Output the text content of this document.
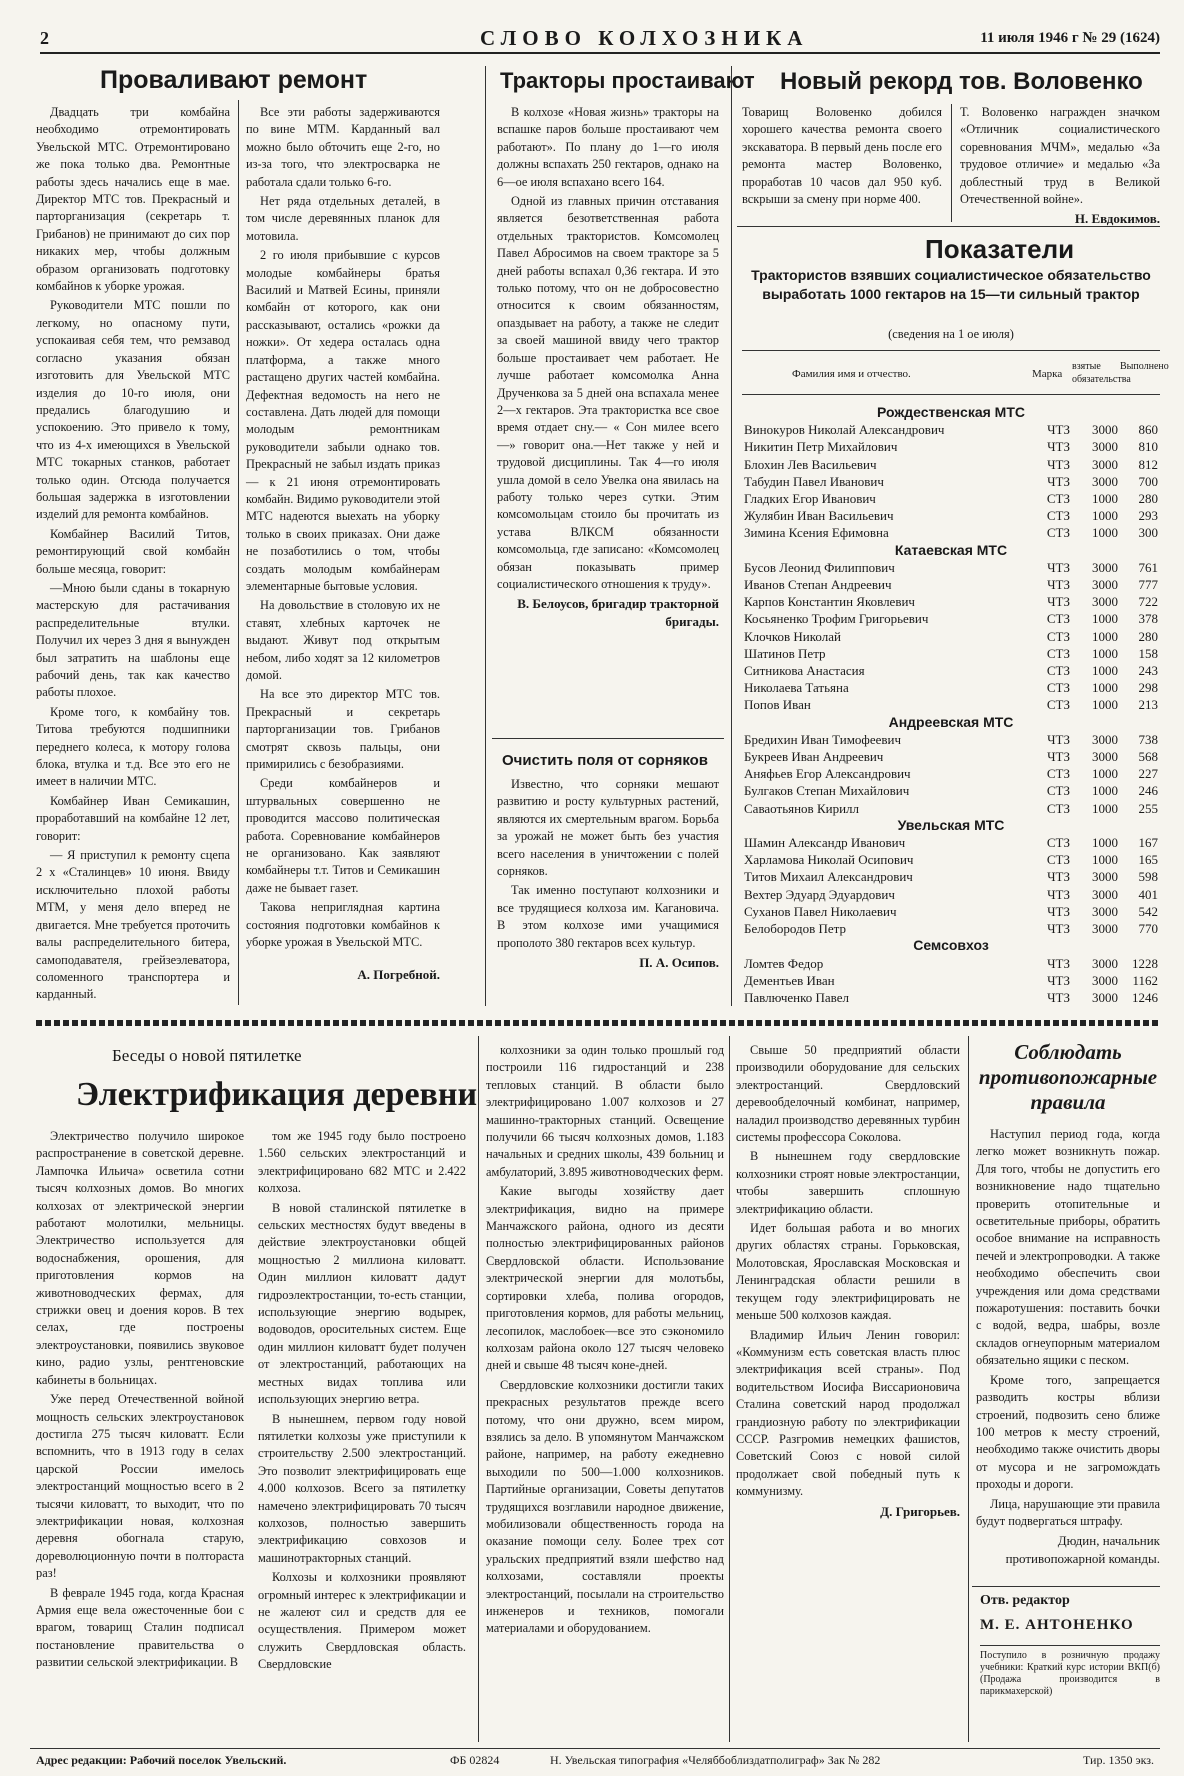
2	СЛОВО КОЛХОЗНИКА	11 июля 1946 г № 29 (1624)
Проваливают ремонт

Двадцать три комбайна необходимо отремонтировать Увельской МТС. Отремонтировано же пока только два. Ремонтные работы здесь начались еще в мае. Директор МТС тов. Прекрасный и парторганизация (секретарь т. Грибанов) не принимают до сих пор никаких мер, чтобы должным образом организовать подготовку комбайнов к уборке урожая.

Руководители МТС пошли по легкому, но опасному пути, успокаивая себя тем, что ремзавод согласно указания обязан изготовить для Увельской МТС изделия до 10-го июля, они предались благодушию и успокоению. Это привело к тому, что из 4-х имеющихся в Увельской МТС токарных станков, работает только один. Отсюда получается большая задержка в изготовлении изделий для ремонта комбайнов.

Комбайнер Василий Титов, ремонтирующий свой комбайн больше месяца, говорит:

—Мною были сданы в токарную мастерскую для растачивания распределительные втулки. Получил их через 3 дня я вынужден был затратить на шаблоны еще рабочий день, так как качество работы плохое.

Кроме того, к комбайну тов. Титова требуются подшипники переднего колеса, к мотору голова блока, втулка и т.д. Все это его не имеет в наличии МТС.

Комбайнер Иван Семикашин, проработавший на комбайне 12 лет, говорит:

— Я приступил к ремонту сцепа 2 х «Сталинцев» 10 июня. Ввиду исключительно плохой работы МТМ, у меня дело вперед не двигается. Мне требуется проточить валы распределительного битера, самоподавателя, грейзеэлеватора, соломенного транспортера и карданный.

Все эти работы задерживаются по вине МТМ. Карданный вал можно было обточить еще 2-го, но из-за того, что электросварка не работала сдали только 6-го.

Нет ряда отдельных деталей, в том числе деревянных планок для мотовила.

2 го июля прибывшие с курсов молодые комбайнеры братья Василий и Матвей Есины, приняли комбайн от которого, как они рассказывают, остались «рожки да ножки». От хедера осталась одна платформа, а также много растащено других частей комбайна. Дефектная ведомость на него не составлена. Дать людей для помощи молодым ремонтникам руководители забыли однако тов. Прекрасный не забыл издать приказ — к 21 июня отремонтировать комбайн. Видимо руководители этой МТС надеются выехать на уборку только в своих приказах. Они даже не позаботились о том, чтобы создать молодым комбайнерам элементарные бытовые условия.

На довольствие в столовую их не ставят, хлебных карточек не выдают. Живут под открытым небом, либо ходят за 12 километров домой.

На все это директор МТС тов. Прекрасный и секретарь парторганизации тов. Грибанов смотрят сквозь пальцы, они примирились с безобразиями.

Среди комбайнеров и штурвальных совершенно не проводится массово политическая работа. Соревнование комбайнеров не организовано. Как заявляют комбайнеры т.т. Титов и Семикашин даже не бывает газет.

Такова неприглядная картина состояния подготовки комбайнов к уборке урожая в Увельской МТС.

А. Погребной.

Тракторы простаивают

В колхозе «Новая жизнь» тракторы на вспашке паров больше простаивают чем работают». По плану до 1—го июля должны вспахать 250 гектаров, однако на 6—ое июля вспахано всего 164.

Одной из главных причин отставания является безответственная работа отдельных трактористов. Комсомолец Павел Абросимов на своем тракторе за 5 дней работы вспахал 0,36 гектара. И это только потому, что он не добросовестно относится к своим обязанностям, опаздывает на работу, а также не следит за своей машиной ввиду чего трактор больше простаивает чем работает. Не лучше работает комсомолка Анна Друченкова за 5 дней она вспахала менее 2—х гектаров. Эта трактористка все свое время отдает сну.— « Сон милее всего —» говорит она.—Нет также у ней и трудовой дисциплины. Так 4—го июля ушла домой в село Увелка она явилась на работу только через сутки. Этим комсомольцам стоило бы прочитать из устава ВЛКСМ обязанности комсомольца, где записано: «Комсомолец обязан показывать пример социалистического отношения к труду».

В. Белоусов, бригадир тракторной бригады.

Очистить поля от сорняков

Известно, что сорняки мешают развитию и росту культурных растений, являются их смертельным врагом. Борьба за урожай не может быть без участия всего населения в уничтожении с полей сорняков.

Так именно поступают колхозники и все трудящиеся колхоза им. Кагановича. В этом колхозе ими учащимися прополото 380 гектаров всех культур.

П. А. Осипов.

Новый рекорд тов. Воловенко

Товарищ Воловенко добился хорошего качества ремонта своего экскаватора. В первый день после его ремонта мастер Воловенко, проработав 10 часов дал 950 куб. вскрыши за смену при норме 400.

Т. Воловенко награжден значком «Отличник социалистического соревнования МЧМ», медалью «За трудовое отличие» и медалью «За доблестный труд в Великой Отечественной войне».

Н. Евдокимов.

Показатели
Трактористов взявших социалистическое обязательство выработать 1000 гектаров на 15—ти сильный трактор
(сведения на 1 ое июля)
Фамилия имя и отчество.	Марка
взятые обязательства
Выполнено
Рождественская МТС			
Винокуров Николай Александрович	ЧТЗ	3000	860
Никитин Петр Михайлович	ЧТЗ	3000	810
Блохин Лев Васильевич	ЧТЗ	3000	812
Табудин Павел Иванович	ЧТЗ	3000	700
Гладких Егор Иванович	СТЗ	1000	280
Жулябин Иван Васильевич	СТЗ	1000	293
Зимина Ксения Ефимовна	СТЗ	1000	300
Катаевская МТС			
Бусов Леонид Филиппович	ЧТЗ	3000	761
Иванов Степан Андреевич	ЧТЗ	3000	777
Карпов Константин Яковлевич	ЧТЗ	3000	722
Косьяненко Трофим Григорьевич	СТЗ	1000	378
Клочков Николай	СТЗ	1000	280
Шатинов Петр	СТЗ	1000	158
Ситникова Анастасия	СТЗ	1000	243
Николаева Татьяна	СТЗ	1000	298
Попов Иван	СТЗ	1000	213
Андреевская МТС			
Бредихин Иван Тимофеевич	ЧТЗ	3000	738
Букреев Иван Андреевич	ЧТЗ	3000	568
Аняфьев Егор Александрович	СТЗ	1000	227
Булгаков Степан Михайлович	СТЗ	1000	246
Саваотьянов Кирилл	СТЗ	1000	255
Увельская МТС			
Шамин Александр Иванович	СТЗ	1000	167
Харламова Николай Осипович	СТЗ	1000	165
Титов Михаил Александрович	ЧТЗ	3000	598
Вехтер Эдуард Эдуардович	ЧТЗ	3000	401
Суханов Павел Николаевич	ЧТЗ	3000	542
Белобородов Петр	ЧТЗ	3000	770
Семсовхоз			
Ломтев Федор	ЧТЗ	3000	1228
Дементьев Иван	ЧТЗ	3000	1162
Павлюченко Павел	ЧТЗ	3000	1246
Беседы о новой пятилетке
Электрификация деревни

Электричество получило широкое распространение в советской деревне. Лампочка Ильича» осветила сотни тысяч колхозных домов. Во многих колхозах от электрической энергии работают молотилки, мельницы. Электричество используется для водоснабжения, орошения, для приготовления кормов на животноводческих фермах, для стрижки овец и доения коров. В тех селах, где построены электроустановки, появились звуковое кино, радио узлы, рентгеновские кабинеты в больницах.

Уже перед Отечественной войной мощность сельских электроустановок достигла 275 тысяч киловатт. Если вспомнить, что в 1913 году в селах царской России имелось электростанций мощностью всего в 2 тысячи киловатт, то выходит, что по электрификации новая, колхозная деревня обогнала старую, дореволюционную почти в полтораста раз!

В феврале 1945 года, когда Красная Армия еще вела ожесточенные бои с врагом, товарищ Сталин подписал постановление правительства о развитии сельской электрификации. В

том же 1945 году было построено 1.560 сельских электростанций и электрифицировано 682 МТС и 2.422 колхоза.

В новой сталинской пятилетке в сельских местностях будут введены в действие электроустановки общей мощностью 2 миллиона киловатт. Один миллион киловатт дадут гидроэлектростанции, то-есть станции, использующие энергию водырек, водоводов, оросительных систем. Еще один миллион киловатт будет получен от электростанций, работающих на местных видах топлива или использующих энергию ветра.

В нынешнем, первом году новой пятилетки колхозы уже приступили к строительству 2.500 электростанций. Это позволит электрифицировать еще 4.000 колхозов. Всего за пятилетку намечено электрифицировать 70 тысяч колхозов, полностью завершить электрификацию совхозов и машинотракторных станций.

Колхозы и колхозники проявляют огромный интерес к электрификации и не жалеют сил и средств для ее осуществления. Примером может служить Свердловская область. Свердловские

колхозники за один только прошлый год построили 116 гидростанций и 238 тепловых станций. В области было электрифицировано 1.007 колхозов и 27 машинно-тракторных станций. Освещение получили 66 тысяч колхозных домов, 1.183 начальных и средних школы, 439 больниц и амбулаторий, 3.895 животноводческих ферм.

Какие выгоды хозяйству дает электрификация, видно на примере Манчажского района, одного из десяти полностью электрифицированных районов Свердловской области. Использование электрической энергии для молотьбы, сортировки хлеба, полива огородов, приготовления кормов, для работы мельниц, лесопилок, маслобоек—все это сэкономило колхозам района около 127 тысяч человеко дней и свыше 48 тысяч коне-дней.

Свердловские колхозники достигли таких прекрасных результатов прежде всего потому, что они дружно, всем миром, взялись за дело. В упомянутом Манчажском районе, например, на работу ежедневно выходили по 500—1.000 колхозников. Партийные организации, Советы депутатов трудящихся возглавили народное движение, мобилизовали общественность города на оказание помощи селу. Более трех сот уральских предприятий взяли шефство над колхозами, составляли проекты электростанций, посылали на строительство инженеров и техников, помогали материалами и оборудованием.

Свыше 50 предприятий области производили оборудование для сельских электростанций. Свердловский деревообделочный комбинат, например, наладил производство деревянных турбин системы профессора Соколова.

В нынешнем году свердловские колхозники строят новые электростанции, чтобы завершить сплошную электрификацию области.

Идет большая работа и во многих других областях страны. Горьковская, Молотовская, Ярославская Московская и Ленинградская области решили в текущем году электрифицировать не меньше 500 колхозов каждая.

Владимир Ильич Ленин говорил: «Коммунизм есть советская власть плюс электрификация всей страны». Под водительством Иосифа Виссарионовича Сталина советский народ продолжал грандиозную работу по электрификации СССР. Разгромив немецких фашистов, Советский Союз с новой силой продолжает свой победный путь к коммунизму.

Д. Григорьев.

Соблюдать противопожарные правила

Наступил период года, когда легко может возникнуть пожар. Для того, чтобы не допустить его возникновение надо тщательно проверить отопительные и осветительные приборы, обратить особое внимание на исправность печей и электропроводки. А также необходимо обеспечить свои учреждения или дома средствами пожаротушения: поставить бочки с водой, ведра, шабры, возле складов огнеупорным материалом обязательно ящики с песком.

Кроме того, запрещается разводить костры вблизи строений, подвозить сено ближе 100 метров к месту строений, необходимо также очистить дворы от мусора и не загромождать проходы и дороги.

Лица, нарушающие эти правила будут подвергаться штрафу.

Дюдин, начальник противопожарной команды.

Отв. редактор
М. Е. АНТОНЕНКО
Поступило в розничную продажу учебники: Краткий курс истории ВКП(б) (Продажа производится в парикмахерской)
Адрес редакции: Рабочий поселок Увельский.	ФБ 02824	Н. Увельская типография «Челяббоблиздатполиграф» Зак № 282	Тир. 1350 экз.
